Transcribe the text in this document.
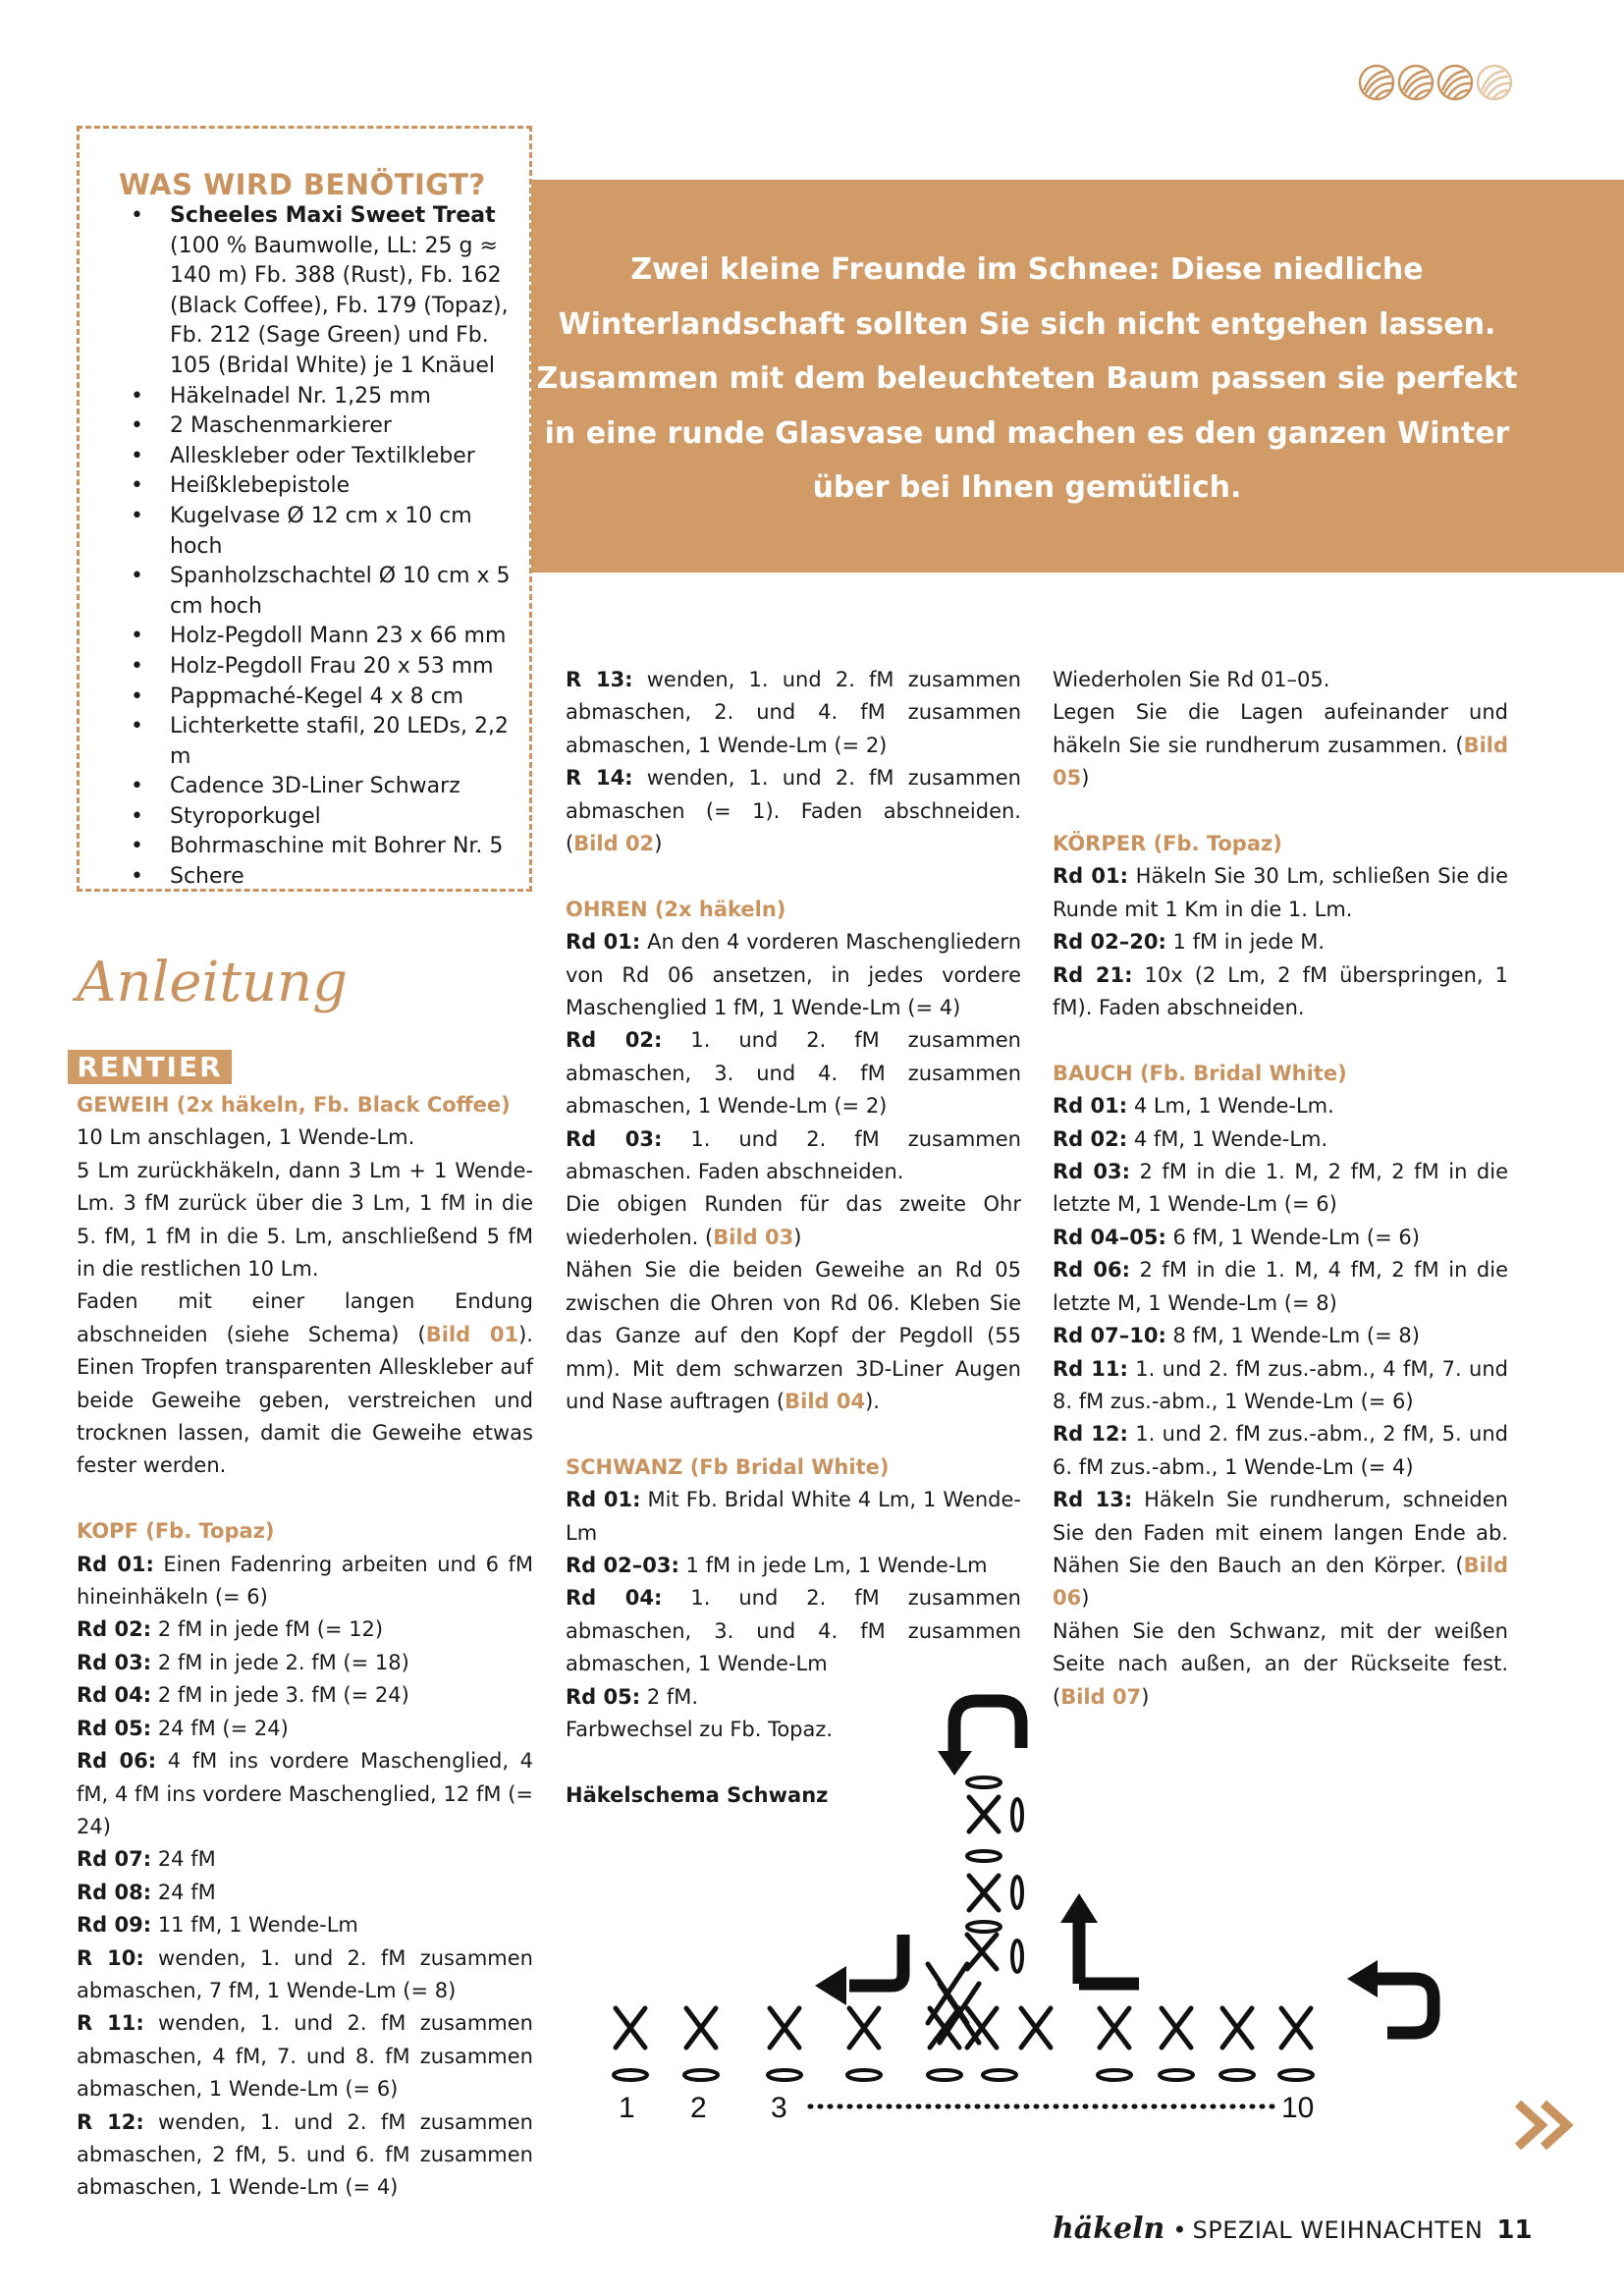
WAS WIRD BENÖTIGT?
• Scheeles Maxi Sweet Treat
(100 % Baumwolle, LL: 25 g ≈ 140 m) Fb. 388 (Rust), Fb. 162 (Black Coffee), Fb. 179 (Topaz), Fb. 212 (Sage Green) und Fb. 105 (Bridal White) je 1 Knäuel
• Häkelnadel Nr. 1,25 mm
• 2 Maschenmarkierer
• Alleskleber oder Textilkleber
• Heißklebepistole
• Kugelvase Ø 12 cm x 10 cm hoch
• Spanholzschachtel Ø 10 cm x 5 cm hoch
• Holz-Pegdoll Mann 23 x 66 mm
• Holz-Pegdoll Frau 20 x 53 mm
• Pappmaché-Kegel 4 x 8 cm
• Lichterkette stafil, 20 LEDs, 2,2 m
• Cadence 3D-Liner Schwarz
• Styroporkugel
• Bohrmaschine mit Bohrer Nr. 5
• Schere
Zwei kleine Freunde im Schnee: Diese niedliche
Winterlandschaft sollten Sie sich nicht entgehen lassen.
Zusammen mit dem beleuchteten Baum passen sie perfekt
in eine runde Glasvase und machen es den ganzen Winter
über bei Ihnen gemütlich.
Anleitung
RENTIER
GEWEIH (2x häkeln, Fb. Black Coffee)
10 Lm anschlagen, 1 Wende-Lm.
5 Lm zurückhäkeln, dann 3 Lm + 1 Wende-Lm. 3 fM zurück über die 3 Lm, 1 fM in die 5. fM, 1 fM in die 5. Lm, anschließend 5 fM in die restlichen 10 Lm.
Faden mit einer langen Endung abschneiden (siehe Schema) (Bild 01). Einen Tropfen transparenten Alleskleber auf beide Geweihe geben, verstreichen und trocknen lassen, damit die Geweihe etwas fester werden.
KOPF (Fb. Topaz)
Rd 01: Einen Fadenring arbeiten und 6 fM hineinhäkeln (= 6)
Rd 02: 2 fM in jede fM (= 12)
Rd 03: 2 fM in jede 2. fM (= 18)
Rd 04: 2 fM in jede 3. fM (= 24)
Rd 05: 24 fM (= 24)
Rd 06: 4 fM ins vordere Maschenglied, 4 fM, 4 fM ins vordere Maschenglied, 12 fM (= 24)
Rd 07: 24 fM
Rd 08: 24 fM
Rd 09: 11 fM, 1 Wende-Lm
R 10: wenden, 1. und 2. fM zusammen abmaschen, 7 fM, 1 Wende-Lm (= 8)
R 11: wenden, 1. und 2. fM zusammen abmaschen, 4 fM, 7. und 8. fM zusammen abmaschen, 1 Wende-Lm (= 6)
R 12: wenden, 1. und 2. fM zusammen abmaschen, 2 fM, 5. und 6. fM zusammen abmaschen, 1 Wende-Lm (= 4)
R 13: wenden, 1. und 2. fM zusammen abmaschen, 2. und 4. fM zusammen abmaschen, 1 Wende-Lm (= 2)
R 14: wenden, 1. und 2. fM zusammen abmaschen (= 1). Faden abschneiden. (Bild 02)
OHREN (2x häkeln)
Rd 01: An den 4 vorderen Maschengliedern von Rd 06 ansetzen, in jedes vordere Maschenglied 1 fM, 1 Wende-Lm (= 4)
Rd 02: 1. und 2. fM zusammen abmaschen, 3. und 4. fM zusammen abmaschen, 1 Wende-Lm (= 2)
Rd 03: 1. und 2. fM zusammen abmaschen. Faden abschneiden.
Die obigen Runden für das zweite Ohr wiederholen. (Bild 03)
Nähen Sie die beiden Geweihe an Rd 05 zwischen die Ohren von Rd 06. Kleben Sie das Ganze auf den Kopf der Pegdoll (55 mm). Mit dem schwarzen 3D-Liner Augen und Nase auftragen (Bild 04).
SCHWANZ (Fb Bridal White)
Rd 01: Mit Fb. Bridal White 4 Lm, 1 Wende-Lm
Rd 02–03: 1 fM in jede Lm, 1 Wende-Lm
Rd 04: 1. und 2. fM zusammen abmaschen, 3. und 4. fM zusammen abmaschen, 1 Wende-Lm
Rd 05: 2 fM.
Farbwechsel zu Fb. Topaz.
Häkelschema Schwanz
Wiederholen Sie Rd 01–05.
Legen Sie die Lagen aufeinander und häkeln Sie sie rundherum zusammen. (Bild 05)
KÖRPER (Fb. Topaz)
Rd 01: Häkeln Sie 30 Lm, schließen Sie die Runde mit 1 Km in die 1. Lm.
Rd 02–20: 1 fM in jede M.
Rd 21: 10x (2 Lm, 2 fM überspringen, 1 fM). Faden abschneiden.
BAUCH (Fb. Bridal White)
Rd 01: 4 Lm, 1 Wende-Lm.
Rd 02: 4 fM, 1 Wende-Lm.
Rd 03: 2 fM in die 1. M, 2 fM, 2 fM in die letzte M, 1 Wende-Lm (= 6)
Rd 04–05: 6 fM, 1 Wende-Lm (= 6)
Rd 06: 2 fM in die 1. M, 4 fM, 2 fM in die letzte M, 1 Wende-Lm (= 8)
Rd 07–10: 8 fM, 1 Wende-Lm (= 8)
Rd 11: 1. und 2. fM zus.-abm., 4 fM, 7. und 8. fM zus.-abm., 1 Wende-Lm (= 6)
Rd 12: 1. und 2. fM zus.-abm., 2 fM, 5. und 6. fM zus.-abm., 1 Wende-Lm (= 4)
Rd 13: Häkeln Sie rundherum, schneiden Sie den Faden mit einem langen Ende ab. Nähen Sie den Bauch an den Körper. (Bild 06)
Nähen Sie den Schwanz, mit der weißen Seite nach außen, an der Rückseite fest. (Bild 07)
1 2 3	10
häkeln • SPEZIAL WEIHNACHTEN 11
